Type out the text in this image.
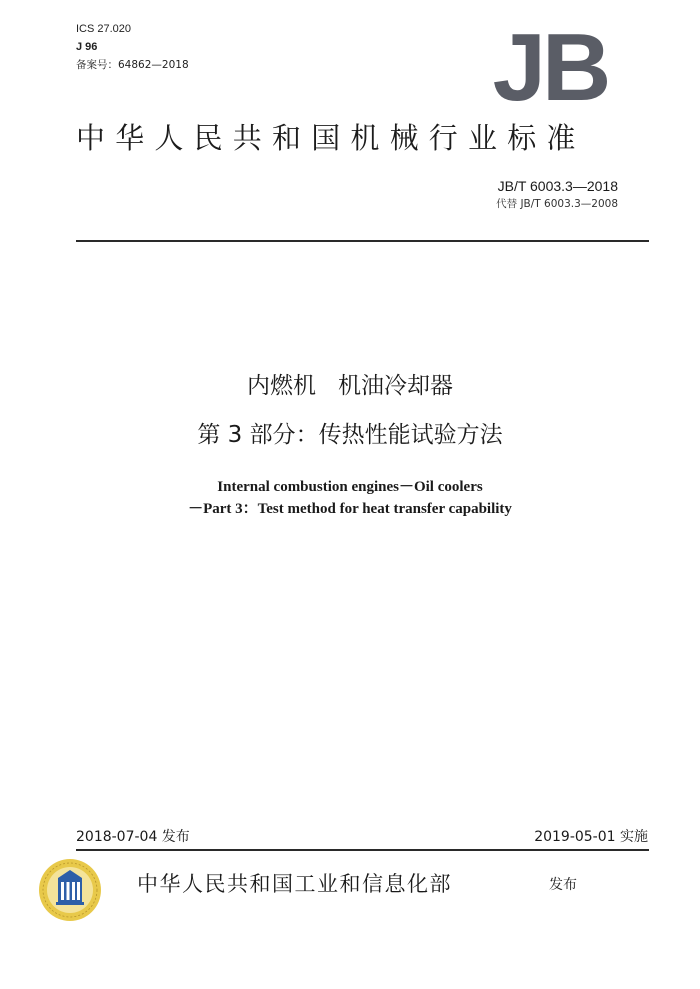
ICS 27.020
J 96
备案号：64862—2018	JB
中华人民共和国机械行业标准
JB/T 6003.3—2018
代替 JB/T 6003.3—2008
内燃机   机油冷却器
第 3 部分：传热性能试验方法
Internal combustion engines－Oil coolers
－Part 3：Test method for heat transfer capability
2018-07-04 发布	2019-05-01 实施
中华人民共和国工业和信息化部	发布
